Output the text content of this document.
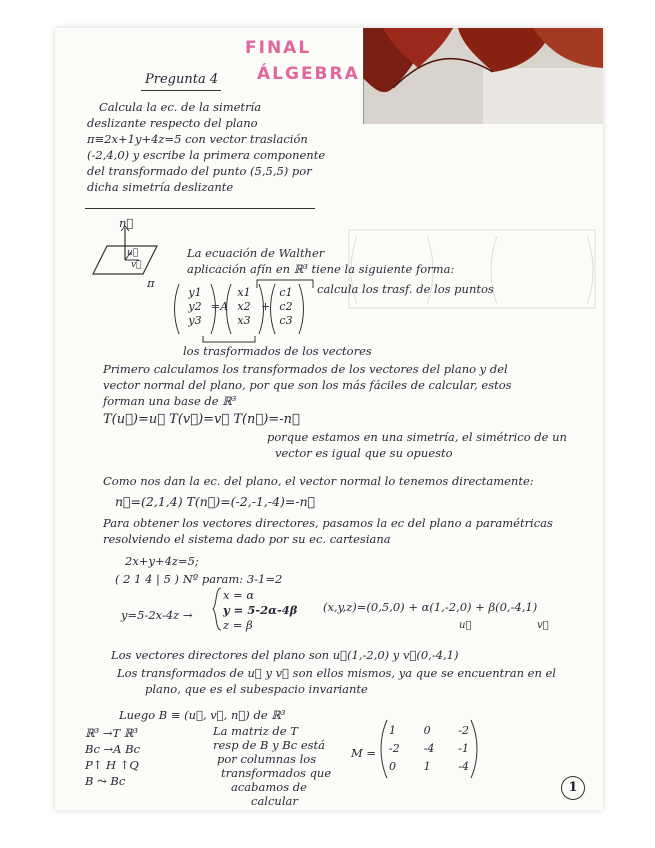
FINAL
ÁLGEBRA
Pregunta 4
Calcula la ec. de la simetría
deslizante respecto del plano
π≡2x+1y+4z=5 con vector traslación
(-2,4,0) y escribe la primera componente
del transformado del punto (5,5,5) por
dicha simetría deslizante
n⃗
u⃗
v⃗
π
La ecuación de Walther
aplicación afín en ℝ³ tiene la siguiente forma:
y1
y2
y3
=A
x1
x2
x3
+
c1
c2
c3
calcula los trasf. de los puntos
los trasformados de los vectores
Primero calculamos los transformados de los vectores del plano y del
vector normal del plano, por que son los más fáciles de calcular, estos
forman una base de ℝ³
T(u⃗)=u⃗ T(v⃗)=v⃗ T(n⃗)=-n⃗
porque estamos en una simetría, el simétrico de un
vector es igual que su opuesto
Como nos dan la ec. del plano, el vector normal lo tenemos directamente:
n⃗=(2,1,4) T(n⃗)=(-2,-1,-4)=-n⃗
Para obtener los vectores directores, pasamos la ec del plano a paramétricas
resolviendo el sistema dado por su ec. cartesiana
2x+y+4z=5;
( 2 1 4 | 5 ) Nº param: 3-1=2
y=5-2x-4z →
x = α
y = 5-2α-4β
z = β
(x,y,z)=(0,5,0) + α(1,-2,0) + β(0,-4,1)
u⃗	v⃗
Los vectores directores del plano son u⃗(1,-2,0) y v⃗(0,-4,1)
Los transformados de u⃗ y v⃗ son ellos mismos, ya que se encuentran en el
plano, que es el subespacio invariante
Luego B ≡ (u⃗, v⃗, n⃗) de ℝ³
ℝ³ →T ℝ³
Bc →A Bc
P↑ H ↑Q
B ⤳ Bc
La matriz de T
resp de B y Bc está
por columnas los
transformados que
acabamos de
calcular
M =
1	0	-2
-2 -4 -1
0	1	-4
1
